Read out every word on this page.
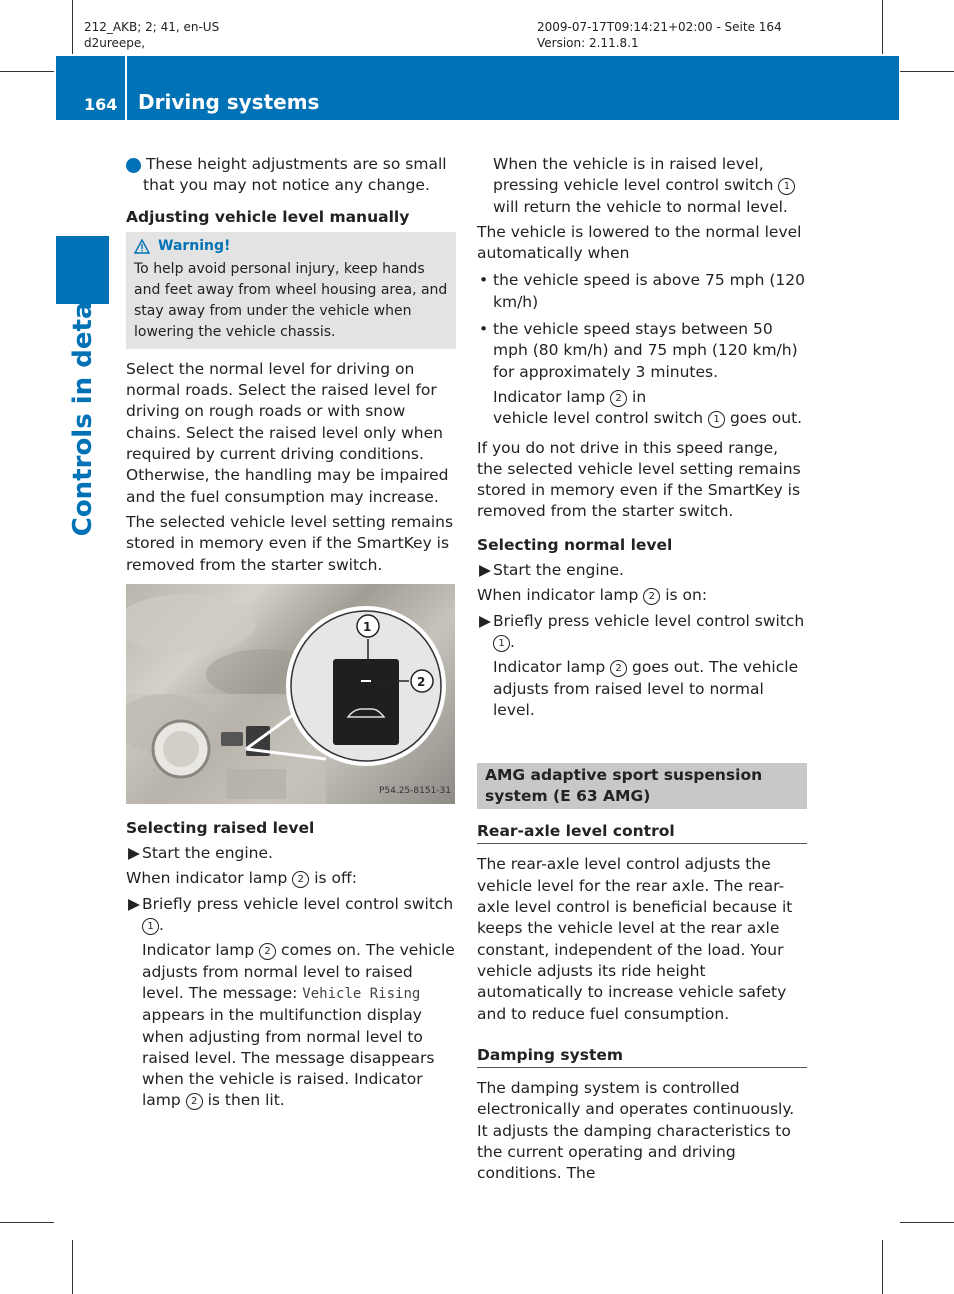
212_AKB; 2; 41, en-US
d2ureepe,
2009-07-17T09:14:21+02:00 - Seite 164
Version: 2.11.8.1
164 Driving systems
Controls in detail

i These height adjustments are so small that you may not notice any change.

Adjusting vehicle level manually
Warning!
To help avoid personal injury, keep hands and feet away from wheel housing area, and stay away from under the vehicle when lowering the vehicle chassis.

Select the normal level for driving on normal roads. Select the raised level for driving on rough roads or with snow chains. Select the raised level only when required by current driving conditions. Otherwise, the handling may be impaired and the fuel consumption may increase.

The selected vehicle level setting remains stored in memory even if the SmartKey is removed from the starter switch.

1
2
P54.25-8151-31
Selecting raised level

▶ Start the engine.

When indicator lamp 2 is off:

▶ Briefly press vehicle level control switch 1 .

Indicator lamp 2 comes on. The vehicle adjusts from normal level to raised level. The message: Vehicle Rising appears in the multifunction display when adjusting from normal level to raised level. The message disappears when the vehicle is raised. Indicator lamp 2 is then lit.

When the vehicle is in raised level, pressing vehicle level control switch 1 will return the vehicle to normal level.

The vehicle is lowered to the normal level automatically when

• the vehicle speed is above 75 mph (120 km/h)

• the vehicle speed stays between 50 mph (80 km/h) and 75 mph (120 km/h) for approximately 3 minutes.

Indicator lamp 2 in
vehicle level control switch 1 goes out.

If you do not drive in this speed range, the selected vehicle level setting remains stored in memory even if the SmartKey is removed from the starter switch.

Selecting normal level

▶ Start the engine.

When indicator lamp 2 is on:

▶ Briefly press vehicle level control switch 1 .

Indicator lamp 2 goes out. The vehicle adjusts from raised level to normal level.

AMG adaptive sport suspension system (E 63 AMG)
Rear-axle level control

The rear-axle level control adjusts the vehicle level for the rear axle. The rear-axle level control is beneficial because it keeps the vehicle level at the rear axle constant, independent of the load. Your vehicle adjusts its ride height automatically to increase vehicle safety and to reduce fuel consumption.

Damping system

The damping system is controlled electronically and operates continuously. It adjusts the damping characteristics to the current operating and driving conditions. The
